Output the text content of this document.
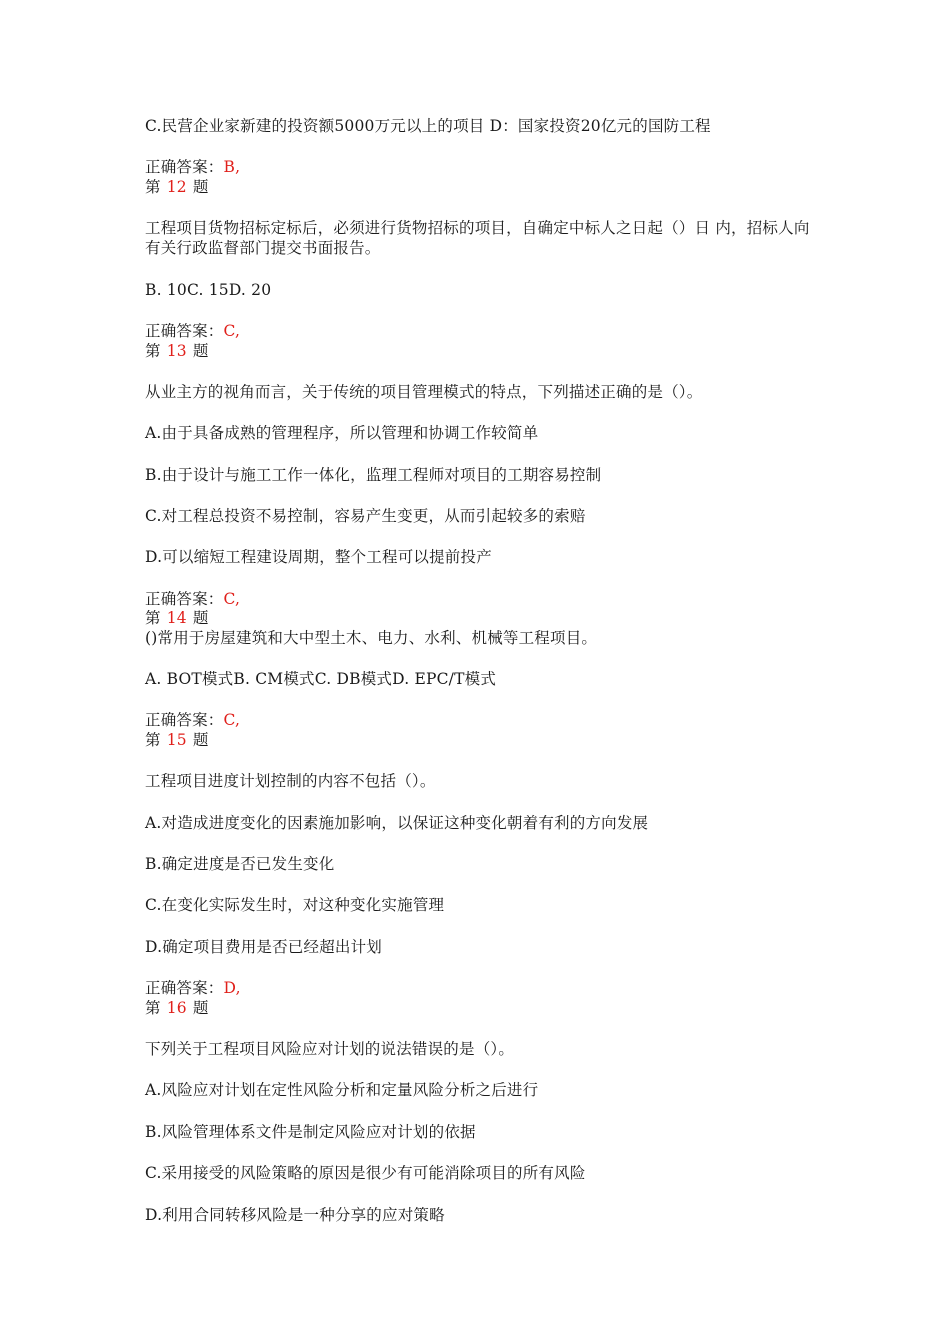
C.民营企业家新建的投资额5000万元以上的项目 D：国家投资20亿元的国防工程
正确答案：B,
第 12 题
工程项目货物招标定标后，必须进行货物招标的项目，自确定中标人之日起（）日 内，招标人向有关行政监督部门提交书面报告。
B. 10C. 15D. 20
正确答案：C,
第 13 题
从业主方的视角而言，关于传统的项目管理模式的特点，下列描述正确的是（）。
A.由于具备成熟的管理程序，所以管理和协调工作较简单
B.由于设计与施工工作一体化，监理工程师对项目的工期容易控制
C.对工程总投资不易控制，容易产生变更，从而引起较多的索赔
D.可以缩短工程建设周期，整个工程可以提前投产
正确答案：C,
第 14 题
()常用于房屋建筑和大中型土木、电力、水利、机械等工程项目。
A. BOT模式B. CM模式C. DB模式D. EPC/T模式
正确答案：C,
第 15 题
工程项目进度计划控制的内容不包括（）。
A.对造成进度变化的因素施加影响，以保证这种变化朝着有利的方向发展
B.确定进度是否已发生变化
C.在变化实际发生时，对这种变化实施管理
D.确定项目费用是否已经超出计划
正确答案：D,
第 16 题
下列关于工程项目风险应对计划的说法错误的是（）。
A.风险应对计划在定性风险分析和定量风险分析之后进行
B.风险管理体系文件是制定风险应对计划的依据
C.采用接受的风险策略的原因是很少有可能消除项目的所有风险
D.利用合同转移风险是一种分享的应对策略
